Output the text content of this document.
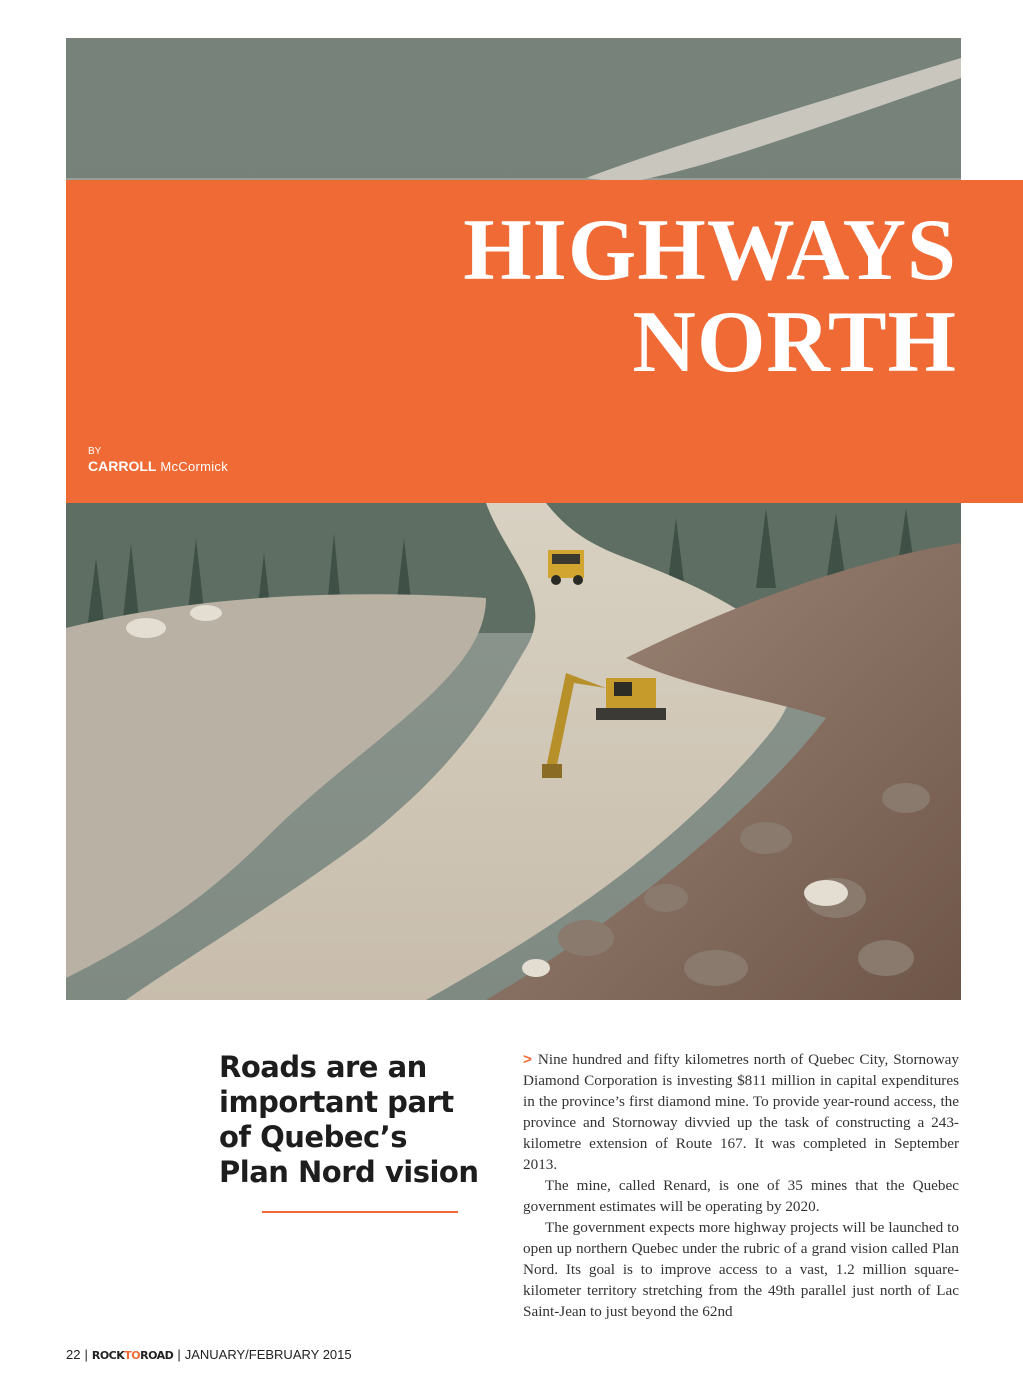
HIGHWAYS
NORTH
BY
CARROLL McCormick
Roads are an important part of Quebec’s Plan Nord vision

> Nine hundred and fifty kilometres north of Quebec City, Stornoway Diamond Corporation is investing $811 million in capital expenditures in the province’s first diamond mine. To provide year-round access, the province and Stornoway divvied up the task of constructing a 243-kilometre extension of Route 167. It was completed in September 2013.

The mine, called Renard, is one of 35 mines that the Quebec government estimates will be operating by 2020.

The government expects more highway projects will be launched to open up northern Quebec under the rubric of a grand vision called Plan Nord. Its goal is to improve access to a vast, 1.2 million square-kilometer territory stretching from the 49th parallel just north of Lac Saint-Jean to just beyond the 62nd

22 | ROCKTOROAD | JANUARY/FEBRUARY 2015
